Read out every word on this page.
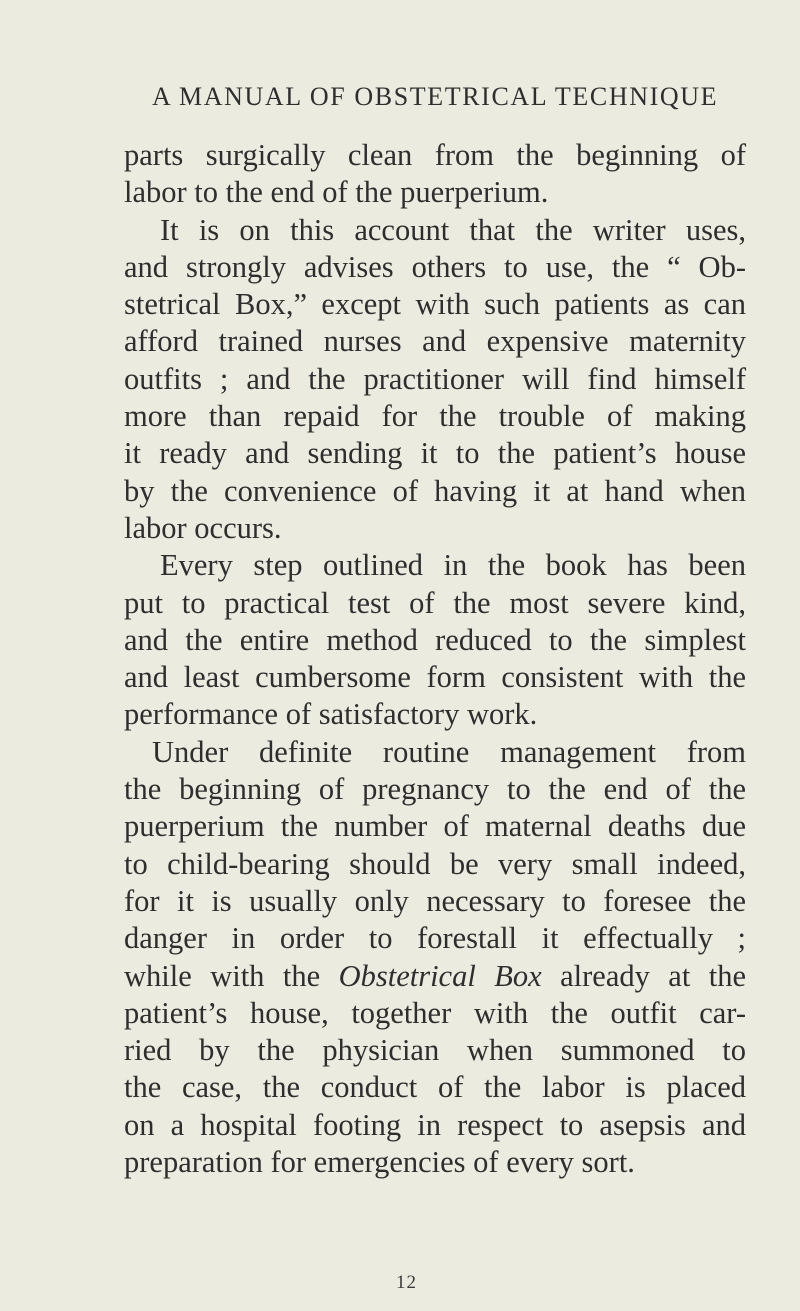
A MANUAL OF OBSTETRICAL TECHNIQUE
parts surgically clean from the beginning of
labor to the end of the puerperium.
It is on this account that the writer uses,
and strongly advises others to use, the “ Ob-
stetrical Box,” except with such patients as can
afford trained nurses and expensive maternity
outfits ; and the practitioner will find himself
more than repaid for the trouble of making
it ready and sending it to the patient’s house
by the convenience of having it at hand when
labor occurs.
Every step outlined in the book has been
put to practical test of the most severe kind,
and the entire method reduced to the simplest
and least cumbersome form consistent with the
performance of satisfactory work.
Under definite routine management from
the beginning of pregnancy to the end of the
puerperium the number of maternal deaths due
to child-bearing should be very small indeed,
for it is usually only necessary to foresee the
danger in order to forestall it effectually ;
while with the Obstetrical Box already at the
patient’s house, together with the outfit car-
ried by the physician when summoned to
the case, the conduct of the labor is placed
on a hospital footing in respect to asepsis and
preparation for emergencies of every sort.
12
